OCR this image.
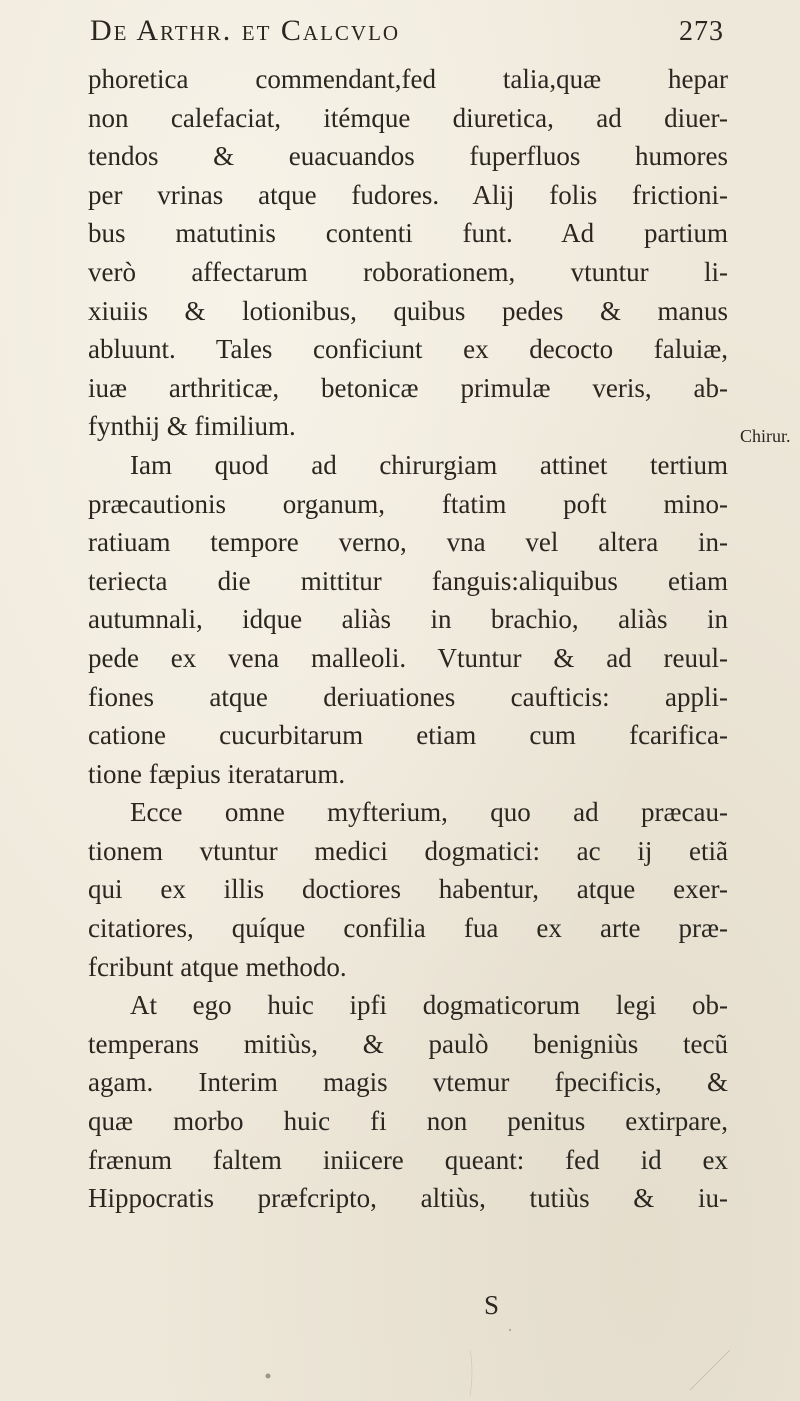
De Arthr. et Calcvlo	273
phoretica commendant,fed talia,quæ hepar
non calefaciat, itémque diuretica, ad diuer-
tendos & euacuandos fuperfluos humores
per vrinas atque fudores. Alij folis frictioni-
bus matutinis contenti funt. Ad partium
verò affectarum roborationem, vtuntur li-
xiuiis & lotionibus, quibus pedes & manus
abluunt. Tales conficiunt ex decocto faluiæ,
iuæ arthriticæ, betonicæ primulæ veris, ab-
fynthij & fimilium.
Iam quod ad chirurgiam attinet tertium
præcautionis organum, ftatim poft mino-
ratiuam tempore verno, vna vel altera in-
teriecta die mittitur fanguis:aliquibus etiam
autumnali, idque aliàs in brachio, aliàs in
pede ex vena malleoli. Vtuntur & ad reuul-
fiones atque deriuationes caufticis: appli-
catione cucurbitarum etiam cum fcarifica-
tione fæpius iteratarum.
Ecce omne myfterium, quo ad præcau-
tionem vtuntur medici dogmatici: ac ij etiã
qui ex illis doctiores habentur, atque exer-
citatiores, quíque confilia fua ex arte præ-
fcribunt atque methodo.
At ego huic ipfi dogmaticorum legi ob-
temperans mitiùs, & paulò benigniùs tecũ
agam. Interim magis vtemur fpecificis, &
quæ morbo huic fi non penitus extirpare,
frænum faltem iniicere queant: fed id ex
Hippocratis præfcripto, altiùs, tutiùs & iu-
Chirur.
S
